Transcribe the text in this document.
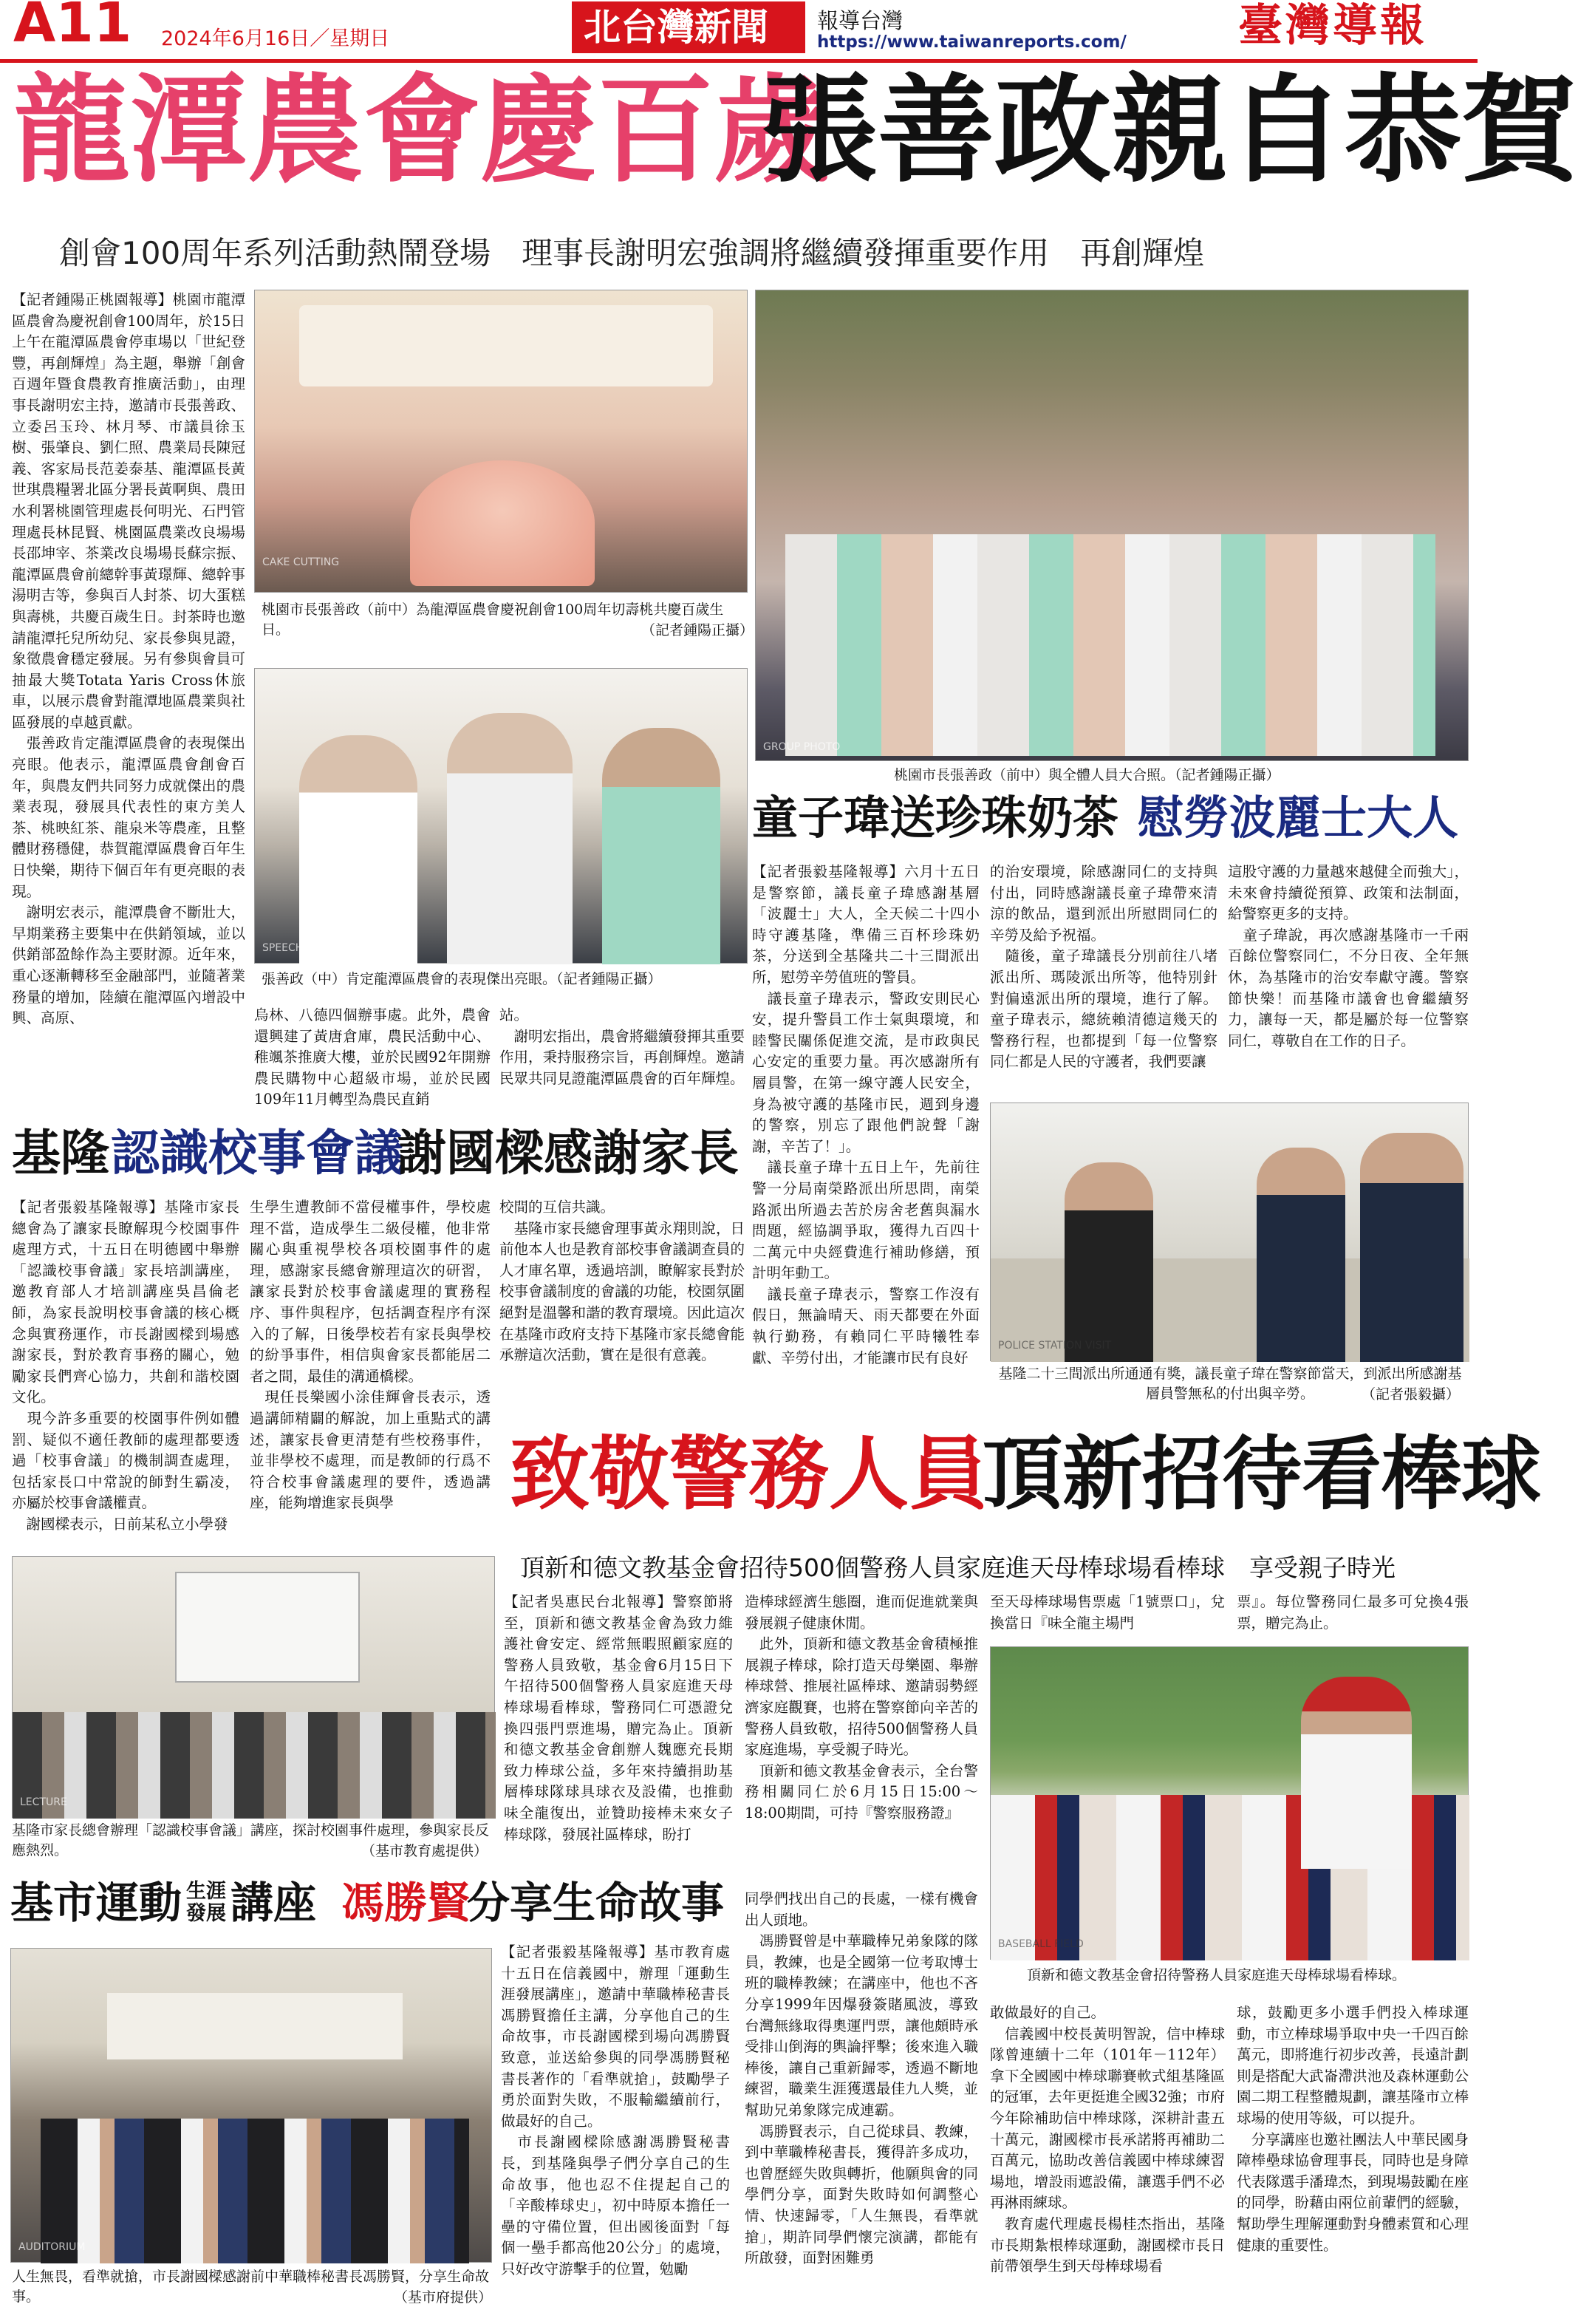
A11 2024年6月16日／星期日	北台灣新聞 報導台灣
https://www.taiwanreports.com/	臺灣導報
龍潭農會慶百歲
張善政親自恭賀
創會100周年系列活動熱鬧登場　理事長謝明宏強調將繼續發揮重要作用　再創輝煌
【記者鍾陽正桃園報導】桃園市龍潭區農會為慶祝創會100周年，於15日上午在龍潭區農會停車場以「世紀登豐，再創輝煌」為主題，舉辦「創會百週年暨食農教育推廣活動」，由理事長謝明宏主持，邀請市長張善政、立委呂玉玲、林月琴、市議員徐玉樹、張肇良、劉仁照、農業局長陳冠義、客家局長范姜泰基、龍潭區長黃世琪農糧署北區分署長黃啊與、農田水利署桃園管理處長何明光、石門管理處長林昆賢、桃園區農業改良場場長邵坤宰、茶業改良場場長蘇宗振、龍潭區農會前總幹事黃璟輝、總幹事湯明吉等，參與百人封茶、切大蛋糕與壽桃，共慶百歲生日。封茶時也邀請龍潭托兒所幼兒、家長參與見證，象徵農會穩定發展。另有參與會員可抽最大獎Totata Yaris Cross休旅車，以展示農會對龍潭地區農業與社區發展的卓越貢獻。
　張善政肯定龍潭區農會的表現傑出亮眼。他表示，龍潭區農會創會百年，與農友們共同努力成就傑出的農業表現，發展具代表性的東方美人茶、桃映紅茶、龍泉米等農產，且整體財務穩健，恭賀龍潭區農會百年生日快樂，期待下個百年有更亮眼的表現。
　謝明宏表示，龍潭農會不斷壯大，早期業務主要集中在供銷領域，並以供銷部盈餘作為主要財源。近年來，重心逐漸轉移至金融部門，並隨著業務量的增加，陸續在龍潭區內增設中興、高原、
CAKE CUTTING
桃園市長張善政（前中）為龍潭區農會慶祝創會100周年切壽桃共慶百歲生日。	（記者鍾陽正攝）
SPEECH
張善政（中）肯定龍潭區農會的表現傑出亮眼。（記者鍾陽正攝）
GROUP PHOTO
桃園市長張善政（前中）與全體人員大合照。（記者鍾陽正攝）
烏林、八德四個辦事處。此外，農會還興建了黃唐倉庫，農民活動中心、稚颯茶推廣大樓，並於民國92年開辦農民購物中心超級市場，並於民國109年11月轉型為農民直銷
站。
　謝明宏指出，農會將繼續發揮其重要作用，秉持服務宗旨，再創輝煌。邀請民眾共同見證龍潭區農會的百年輝煌。
童子瑋送珍珠奶茶 慰勞波麗士大人
【記者張毅基隆報導】六月十五日是警察節，議長童子瑋感謝基層「波麗士」大人，全天候二十四小時守護基隆，準備三百杯珍珠奶茶，分送到全基隆共二十三間派出所，慰勞辛勞值班的警員。
　議長童子瑋表示，警政安則民心安，提升警員工作士氣與環境，和睦警民關係促進交流，是市政與民心安定的重要力量。再次感謝所有層員警，在第一線守護人民安全，身為被守護的基隆市民，週到身邊的警察，別忘了跟他們說聲「謝謝，辛苦了！」。
　議長童子瑋十五日上午，先前往警一分局南榮路派出所思問，南榮路派出所過去苦於房舍老舊與漏水問題，經協調爭取，獲得九百四十二萬元中央經費進行補助修繕，預計明年動工。
　議長童子瑋表示，警察工作沒有假日，無論晴天、雨天都要在外面執行勤務，有賴同仁平時犧牲奉獻、辛勞付出，才能讓市民有良好
的治安環境，除感謝同仁的支持與付出，同時感謝議長童子瑋帶來清涼的飲品，還到派出所慰問同仁的辛勞及給予祝福。
　隨後，童子瑋議長分別前往八堵派出所、瑪陵派出所等，他特別針對偏遠派出所的環境，進行了解。童子瑋表示，總統賴清德這幾天的警務行程，也都提到「每一位警察同仁都是人民的守護者，我們要讓
這股守護的力量越來越健全而強大」，未來會持續從預算、政策和法制面，給警察更多的支持。
　童子瑋說，再次感謝基隆市一千兩百餘位警察同仁，不分日夜、全年無休，為基隆市的治安奉獻守護。警察節快樂！而基隆市議會也會繼續努力，讓每一天，都是屬於每一位警察同仁，尊敬自在工作的日子。
POLICE STATION VISIT
基隆二十三間派出所通通有獎，議長童子瑋在警察節當天，到派出所感謝基層員警無私的付出與辛勞。	（記者張毅攝）
基隆 認識校事會議
謝國樑感謝家長
【記者張毅基隆報導】基隆市家長總會為了讓家長瞭解現今校園事件處理方式，十五日在明德國中舉辦「認識校事會議」家長培訓講座，邀教育部人才培訓講座吳昌倫老師，為家長說明校事會議的核心概念與實務運作，市長謝國樑到場感謝家長，對於教育事務的關心，勉勵家長們齊心協力，共創和諧校園文化。
　現今許多重要的校園事件例如體罰、疑似不適任教師的處理都要透過「校事會議」的機制調查處理，包括家長口中常說的師對生霸凌，亦屬於校事會議權責。
　謝國樑表示，日前某私立小學發
生學生遭教師不當侵權事件，學校處理不當，造成學生二級侵權，他非常關心與重視學校各項校園事件的處理，感謝家長總會辦理這次的研習，讓家長對於校事會議處理的實務程序、事件與程序，包括調查程序有深入的了解，日後學校若有家長與學校的紛爭事件，相信與會家長都能居二者之間，最佳的溝通橋樑。
　現任長樂國小涂佳輝會長表示，透過講師精闢的解說，加上重點式的講述，讓家長會更清楚有些校務事件，並非學校不處理，而是教師的行爲不符合校事會議處理的要件，透過講座，能夠增進家長與學
校間的互信共識。
　基隆市家長總會理事黃永翔則說，日前他本人也是教育部校事會議調查員的人才庫名單，透過培訓，瞭解家長對於校事會議制度的會議的功能，校園氛圍絕對是溫馨和諧的教育環境。因此這次在基隆市政府支持下基隆市家長總會能承辦這次活動，實在是很有意義。
LECTURE
基隆市家長總會辦理「認識校事會議」講座，探討校園事件處理，參與家長反應熱烈。	（基市教育處提供）
致敬警務人員
頂新招待看棒球
頂新和德文教基金會招待500個警務人員家庭進天母棒球場看棒球　享受親子時光
【記者吳惠民台北報導】警察節將至，頂新和德文教基金會為致力維護社會安定、經常無暇照顧家庭的警務人員致敬，基金會6月15日下午招待500個警務人員家庭進天母棒球場看棒球，警務同仁可憑證兌換四張門票進場，贈完為止。頂新和德文教基金會創辦人魏應充長期致力棒球公益，多年來持續捐助基層棒球隊球具球衣及設備，也推動味全龍復出，並贊助接棒未來女子棒球隊，發展社區棒球，盼打
造棒球經濟生態圈，進而促進就業與發展親子健康休閒。
　此外，頂新和德文教基金會積極推展親子棒球，除打造天母樂園、舉辦棒球營、推展社區棒球、邀請弱勢經濟家庭觀賽，也將在警察節向辛苦的警務人員致敬，招待500個警務人員家庭進場，享受親子時光。
　頂新和德文教基金會表示，全台警務相關同仁於6月15日15:00～18:00期間，可持『警察服務證』
至天母棒球場售票處「1號票口」，兌換當日『味全龍主場門
票』。每位警務同仁最多可兌換4張票，贈完為止。
BASEBALL FIELD
頂新和德文教基金會招待警務人員家庭進天母棒球場看棒球。
基市運動 生涯
發展 講座 馮勝賢
分享生命故事
AUDITORIUM
人生無畏，看準就搶，市長謝國樑感謝前中華職棒秘書長馮勝賢，分享生命故事。	（基市府提供）
【記者張毅基隆報導】基市教育處十五日在信義國中，辦理「運動生涯發展講座」，邀請中華職棒秘書長馮勝賢擔任主講，分享他自己的生命故事，市長謝國樑到場向馮勝賢致意，並送給參與的同學馮勝賢秘書長著作的「看準就搶」，鼓勵學子勇於面對失敗，不服輸繼續前行，做最好的自己。
　市長謝國樑除感謝馮勝賢秘書長，到基隆與學子們分享自己的生命故事，他也忍不住提起自己的「辛酸棒球史」，初中時原本擔任一壘的守備位置，但出國後面對「每個一壘手都高他20公分」的處境，只好改守游擊手的位置，勉勵
同學們找出自己的長處，一樣有機會出人頭地。
　馮勝賢曾是中華職棒兄弟象隊的隊員，教練，也是全國第一位考取博士班的職棒教練；在講座中，他也不吝分享1999年因爆發簽賭風波，導致台灣無緣取得奧運門票，讓他頗時承受排山倒海的輿論抨擊；後來進入職棒後，讓自己重新歸零，透過不斷地練習，職業生涯獲選最佳九人獎，並幫助兄弟象隊完成連霸。
　馮勝賢表示，自己從球員、教練，到中華職棒秘書長，獲得許多成功，也曾歷經失敗與轉折，他願與會的同學們分享，面對失敗時如何調整心情、快速歸零，「人生無畏，看準就搶」，期許同學們懷完演講，都能有所啟發，面對困難勇
敢做最好的自己。
　信義國中校長黃明智說，信中棒球隊曾連續十二年（101年－112年）拿下全國國中棒球聯賽軟式組基隆區的冠軍，去年更挺進全國32強；市府今年除補助信中棒球隊，深耕計畫五十萬元，謝國樑市長承諾將再補助二百萬元，協助改善信義國中棒球練習場地，增設雨遮設備，讓選手們不必再淋雨練球。
　教育處代理處長楊桂杰指出，基隆市長期紮根棒球運動，謝國樑市長日前帶領學生到天母棒球場看
球，鼓勵更多小選手們投入棒球運動，市立棒球場爭取中央一千四百餘萬元，即將進行初步改善，長遠計劃則是搭配大武崙滯洪池及森林運動公園二期工程整體規劃，讓基隆市立棒球場的使用等級，可以提升。
　分享講座也邀社團法人中華民國身障棒壘球協會理事長，同時也是身障代表隊選手潘瑋杰，到現場鼓勵在座的同學，盼藉由兩位前輩們的經驗，幫助學生理解運動對身體素質和心理健康的重要性。
